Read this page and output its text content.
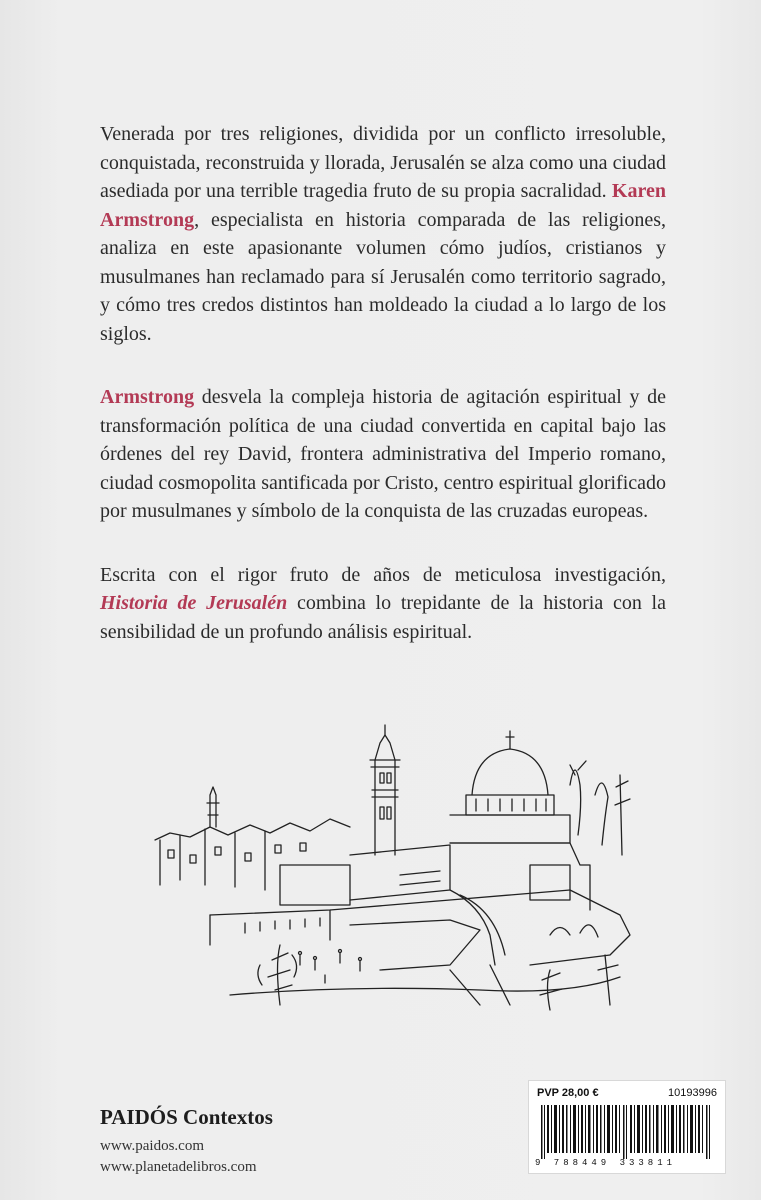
Venerada por tres religiones, dividida por un conflicto irresoluble, conquistada, reconstruida y llorada, Jerusalén se alza como una ciudad asediada por una terrible tragedia fruto de su propia sacralidad. Karen Armstrong, especialista en historia comparada de las religiones, analiza en este apasionante volumen cómo judíos, cristianos y musulmanes han reclamado para sí Jerusalén como territorio sagrado, y cómo tres credos distintos han moldeado la ciudad a lo largo de los siglos.

Armstrong desvela la compleja historia de agitación espiritual y de transformación política de una ciudad convertida en capital bajo las órdenes del rey David, frontera administrativa del Imperio romano, ciudad cosmopolita santificada por Cristo, centro espiritual glorificado por musulmanes y símbolo de la conquista de las cruzadas europeas.

Escrita con el rigor fruto de años de meticulosa investigación, Historia de Jerusalén combina lo trepidante de la historia con la sensibilidad de un profundo análisis espiritual.

PAIDÓS Contextos
www.paidos.com
www.planetadelibros.com
PVP 28,00 €	10193996
9 788449 333811
